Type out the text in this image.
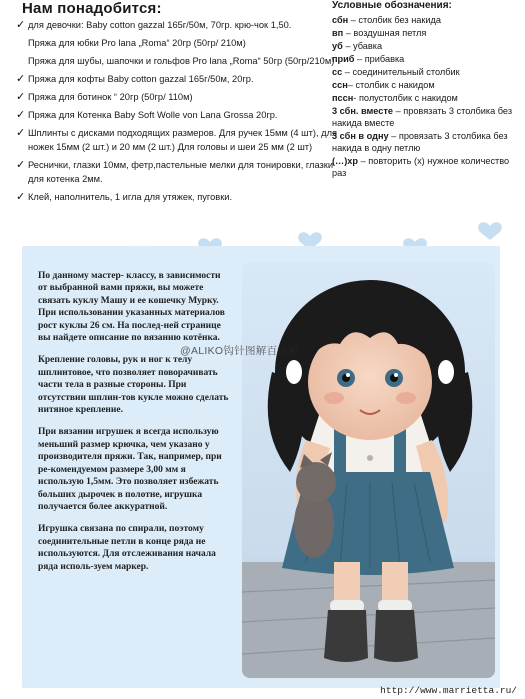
Нам понадобится:
✓ для девочки: Baby cotton gazzal 165г/50м, 70гр. крю-чок 1,50.
Пряжа для юбки Pro lana „Roma“ 20гр (50гр/ 210м)
Пряжа для шубы, шапочки и гольфов Pro lana „Roma“ 50гр (50гр/210м)
✓ Пряжа для кофты Baby cotton gazzal 165г/50м, 20гр.
✓ Пряжа для ботинок “ 20гр (50гр/ 110м)
✓ Пряжа для Котенка Baby Soft Wolle von Lana Grossa 20гр.
✓ Шплинты с дисками подходящих размеров. Для ручек 15мм (4 шт), для ножек 15мм (2 шт.) и 20 мм (2 шт.) Для головы и шеи 25 мм (2 шт)
✓ Реснички, глазки 10мм, фетр,пастельные мелки для тонировки, глазки для котенка 2мм.
✓ Клей, наполнитель, 1 игла для утяжек, пуговки.
Условные обозначения:
сбн – столбик без накида
вп – воздушная петля
уб – убавка
приб – прибавка
сс – соединительный столбик
ссн– столбик с накидом
пссн- полустолбик с накидом
3 сбн. вместе – провязать 3 столбика без накида вместе
3 сбн в одну – провязать 3 столбика без накида в одну петлю
(…)хр – повторить (х) нужное количество раз

По данному мастер- классу, в зависимости от выбранной вами пряжи, вы можете связать куклу Машу и ее кошечку Мурку. При использовании указанных материалов рост куклы 26 см. На послед-ней странице вы найдете описание по вязанию котёнка.

Крепление головы, рук и ног к телу шплинтовое, что позволяет поворачивать части тела в разные стороны. При отсутствии шплин-тов кукле можно сделать нитяное крепление.

При вязании игрушек я всегда использую меньший размер крючка, чем указано у производителя пряжи. Так, например, при ре-комендуемом размере 3,00 мм я использую 1,5мм. Это позволяет избежать больших дырочек в полотне, игрушка получается более аккуратной.

Игрушка связана по спирали, поэтому соединительные петли в конце ряда не используются. Для отслеживания начала ряда исполь-зуем маркер.

@ALIKO钩针图解百宝箱
http://www.marrietta.ru/
